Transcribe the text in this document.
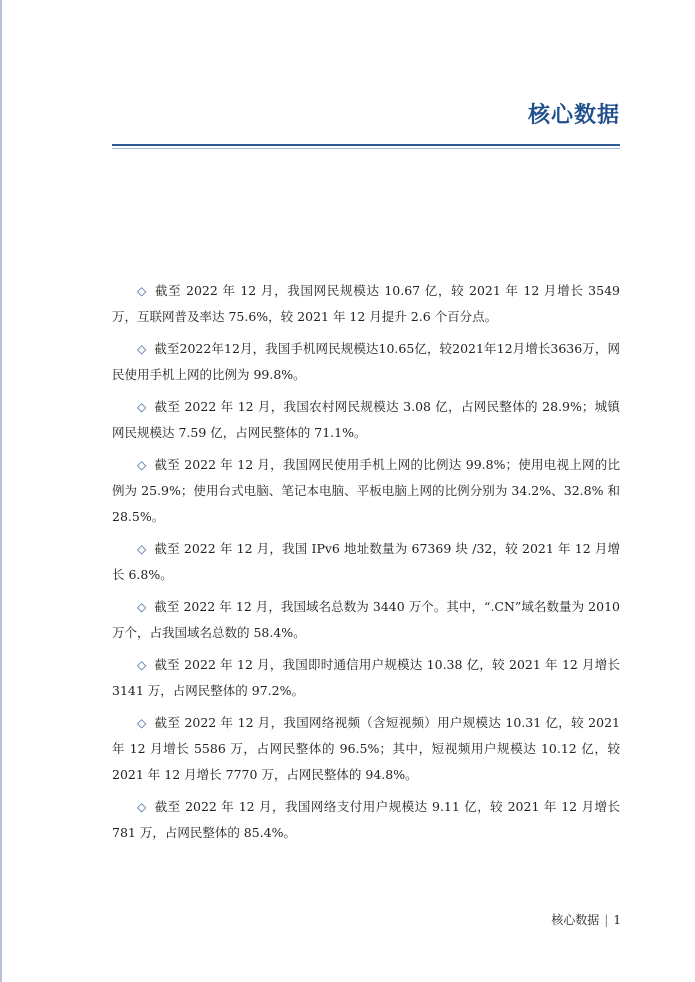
核心数据

◇ 截至 2022 年 12 月，我国网民规模达 10.67 亿，较 2021 年 12 月增长 3549 万，互联网普及率达 75.6%，较 2021 年 12 月提升 2.6 个百分点。

◇ 截至2022年12月，我国手机网民规模达10.65亿，较2021年12月增长3636万，网民使用手机上网的比例为 99.8%。

◇ 截至 2022 年 12 月，我国农村网民规模达 3.08 亿，占网民整体的 28.9%；城镇网民规模达 7.59 亿，占网民整体的 71.1%。

◇ 截至 2022 年 12 月，我国网民使用手机上网的比例达 99.8%；使用电视上网的比例为 25.9%；使用台式电脑、笔记本电脑、平板电脑上网的比例分别为 34.2%、32.8% 和 28.5%。

◇ 截至 2022 年 12 月，我国 IPv6 地址数量为 67369 块 /32，较 2021 年 12 月增长 6.8%。

◇ 截至 2022 年 12 月，我国域名总数为 3440 万个。其中，“.CN”域名数量为 2010 万个，占我国域名总数的 58.4%。

◇ 截至 2022 年 12 月，我国即时通信用户规模达 10.38 亿，较 2021 年 12 月增长 3141 万，占网民整体的 97.2%。

◇ 截至 2022 年 12 月，我国网络视频（含短视频）用户规模达 10.31 亿，较 2021 年 12 月增长 5586 万，占网民整体的 96.5%；其中，短视频用户规模达 10.12 亿，较 2021 年 12 月增长 7770 万，占网民整体的 94.8%。

◇ 截至 2022 年 12 月，我国网络支付用户规模达 9.11 亿，较 2021 年 12 月增长 781 万，占网民整体的 85.4%。

核心数据 | 1
